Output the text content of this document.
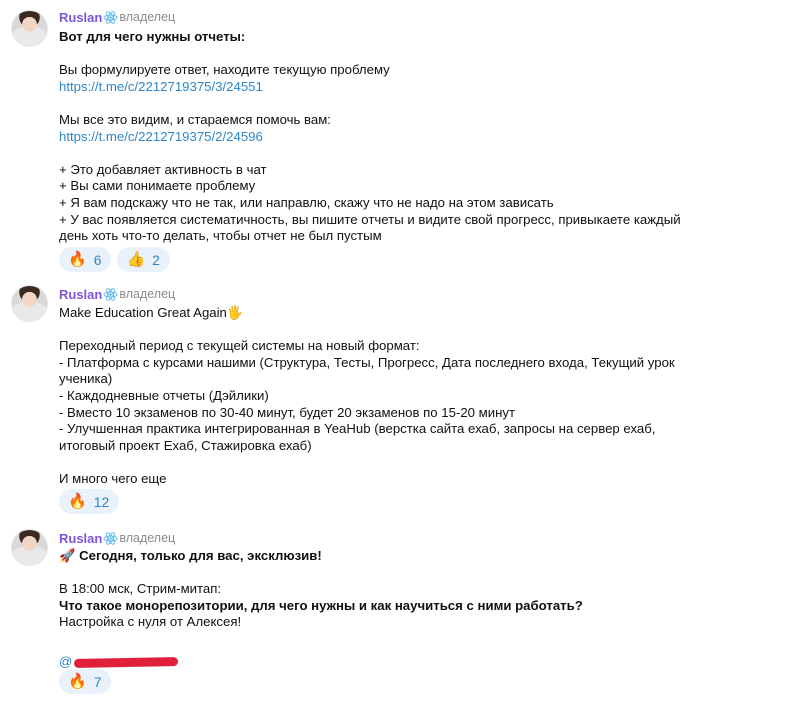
Ruslan владелец
Вот для чего нужны отчеты:
Вы формулируете ответ, находите текущую проблему
https://t.me/c/2212719375/3/24551
Мы все это видим, и стараемся помочь вам:
https://t.me/c/2212719375/2/24596
+ Это добавляет активность в чат
+ Вы сами понимаете проблему
+ Я вам подскажу что не так, или направлю, скажу что не надо на этом зависать
+ У вас появляется систематичность, вы пишите отчеты и видите свой прогресс, привыкаете каждый
день хоть что-то делать, чтобы отчет не был пустым
🔥 6 👍 2
Ruslan владелец
Make Education Great Again🖐
Переходный период с текущей системы на новый формат:
- Платформа с курсами нашими (Структура, Тесты, Прогресс, Дата последнего входа, Текущий урок
ученика)
- Каждодневные отчеты (Дэйлики)
- Вместо 10 экзаменов по 30-40 минут, будет 20 экзаменов по 15-20 минут
- Улучшенная практика интегрированная в YeaHub (верстка сайта ехаб, запросы на сервер ехаб,
итоговый проект Ехаб, Стажировка ехаб)
И много чего еще
🔥 12
Ruslan владелец
🚀 Сегодня, только для вас, эксклюзив!
В 18:00 мск, Стрим-митап:
Что такое монорепозитории, для чего нужны и как научиться с ними работать?
Настройка с нуля от Алексея!
@
🔥 7
